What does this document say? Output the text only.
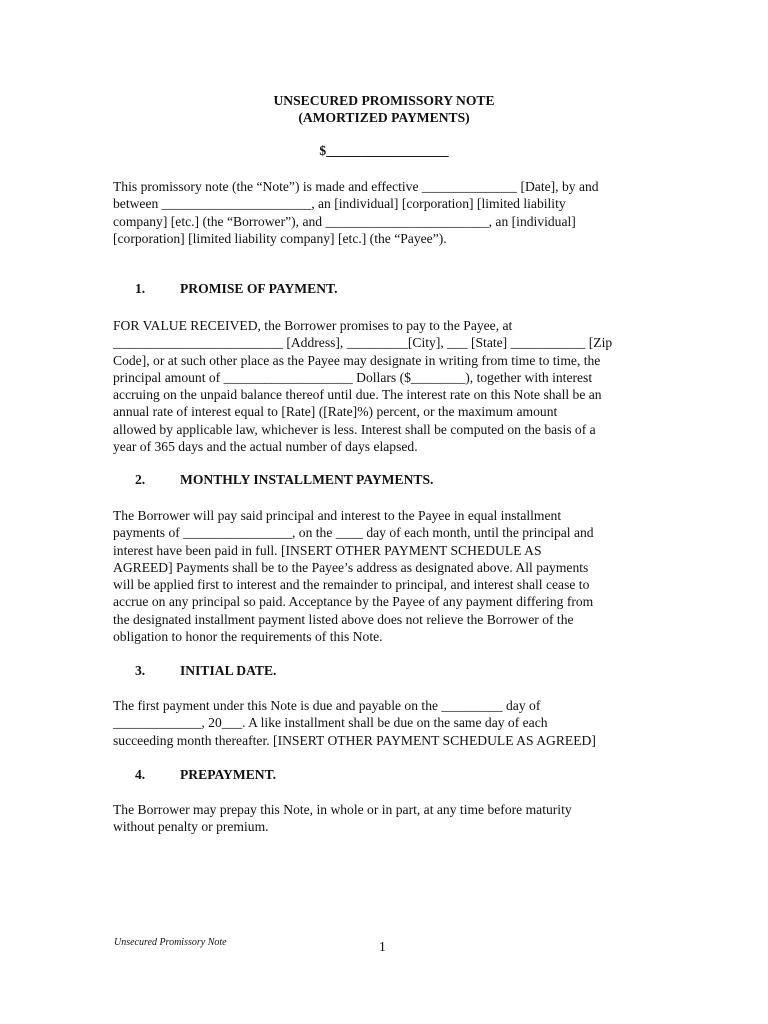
UNSECURED PROMISSORY NOTE
(AMORTIZED PAYMENTS)
$__________________
This promissory note (the “Note”) is made and effective ______________ [Date], by and
between ______________________, an [individual] [corporation] [limited liability
company] [etc.] (the “Borrower”), and ________________________, an [individual]
[corporation] [limited liability company] [etc.] (the “Payee”).
1.	PROMISE OF PAYMENT.
FOR VALUE RECEIVED, the Borrower promises to pay to the Payee, at
_________________________ [Address], _________[City], ___ [State] ___________ [Zip
Code], or at such other place as the Payee may designate in writing from time to time, the
principal amount of ___________________ Dollars ($________), together with interest
accruing on the unpaid balance thereof until due. The interest rate on this Note shall be an
annual rate of interest equal to [Rate] ([Rate]%) percent, or the maximum amount
allowed by applicable law, whichever is less. Interest shall be computed on the basis of a
year of 365 days and the actual number of days elapsed.
2.	MONTHLY INSTALLMENT PAYMENTS.
The Borrower will pay said principal and interest to the Payee in equal installment
payments of ________________, on the ____ day of each month, until the principal and
interest have been paid in full. [INSERT OTHER PAYMENT SCHEDULE AS
AGREED] Payments shall be to the Payee’s address as designated above. All payments
will be applied first to interest and the remainder to principal, and interest shall cease to
accrue on any principal so paid. Acceptance by the Payee of any payment differing from
the designated installment payment listed above does not relieve the Borrower of the
obligation to honor the requirements of this Note.
3.	INITIAL DATE.
The first payment under this Note is due and payable on the _________ day of
_____________, 20___. A like installment shall be due on the same day of each
succeeding month thereafter. [INSERT OTHER PAYMENT SCHEDULE AS AGREED]
4.	PREPAYMENT.
The Borrower may prepay this Note, in whole or in part, at any time before maturity
without penalty or premium.
Unsecured Promissory Note	1
